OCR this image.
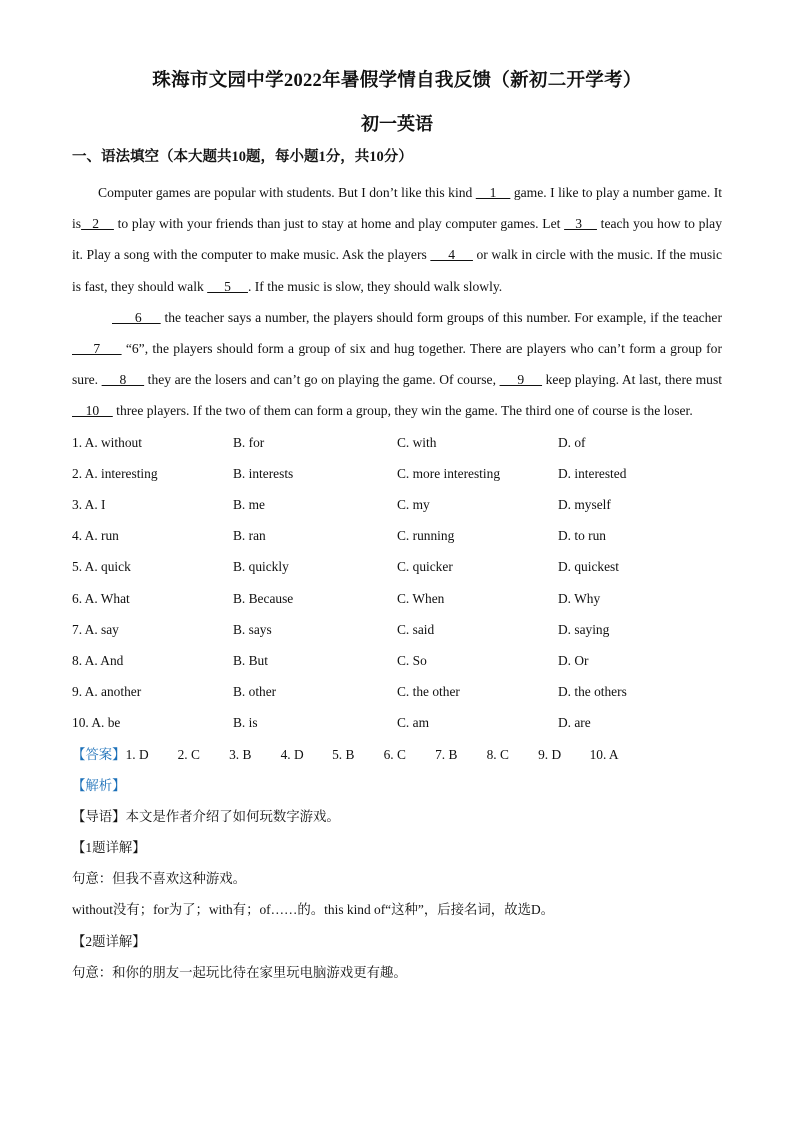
珠海市文园中学2022年暑假学情自我反馈（新初二开学考）
初一英语
一、语法填空（本大题共10题，每小题1分，共10分）

Computer games are popular with students. But I don’t like this kind     1     game. I like to play a number game. It is   2     to play with your friends than just to stay at home and play computer games. Let    3     teach you how to play it. Play a song with the computer to make music. Ask the players      4      or walk in circle with the music. If the music is fast, they should walk      5     . If the music is slow, they should walk slowly.

6      the teacher says a number, the players should form groups of this number. For example, if the teacher      7      “6”, the players should form a group of six and hug together. There are players who can’t form a group for sure.      8      they are the losers and can’t go on playing the game. Of course,      9      keep playing. At last, there must     10     three players. If the two of them can form a group, they win the game. The third one of course is the loser.

1. A. without	B. for	C. with	D. of
2. A. interesting	B. interests	C. more interesting	D. interested
3. A. I	B. me	C. my	D. myself
4. A. run	B. ran	C. running	D. to run
5. A. quick	B. quickly	C. quicker	D. quickest
6. A. What	B. Because	C. When	D. Why
7. A. say	B. says	C. said	D. saying
8. A. And	B. But	C. So	D. Or
9. A. another	B. other	C. the other	D. the others
10. A. be	B. is	C. am	D. are
【答案】 1. D 2. C 3. B 4. D 5. B 6. C 7. B 8. C 9. D 10. A
【解析】
【导语】本文是作者介绍了如何玩数字游戏。
【1题详解】
句意：但我不喜欢这种游戏。
without没有；for为了；with有；of……的。this kind of“这种”，后接名词，故选D。
【2题详解】
句意：和你的朋友一起玩比待在家里玩电脑游戏更有趣。
